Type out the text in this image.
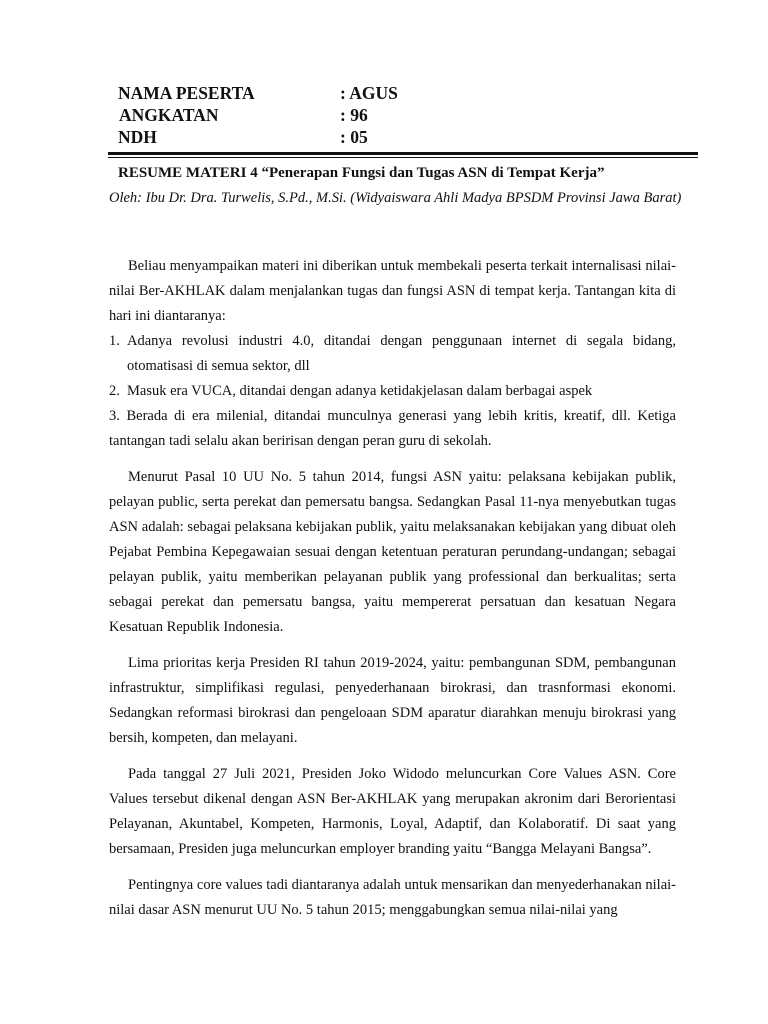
NAMA PESERTA	: AGUS
ANGKATAN	: 96
NDH	: 05
RESUME MATERI 4 “Penerapan Fungsi dan Tugas ASN di Tempat Kerja”
Oleh: Ibu Dr. Dra. Turwelis, S.Pd., M.Si. (Widyaiswara Ahli Madya BPSDM Provinsi Jawa Barat)

Beliau menyampaikan materi ini diberikan untuk membekali peserta terkait internalisasi nilai-nilai Ber-AKHLAK dalam menjalankan tugas dan fungsi ASN di tempat kerja. Tantangan kita di hari ini diantaranya:

1. Adanya revolusi industri 4.0, ditandai dengan penggunaan internet di segala bidang, otomatisasi di semua sektor, dll
2. Masuk era VUCA, ditandai dengan adanya ketidakjelasan dalam berbagai aspek
3. Berada di era milenial, ditandai munculnya generasi yang lebih kritis, kreatif, dll. Ketiga tantangan tadi selalu akan beririsan dengan peran guru di sekolah.

Menurut Pasal 10 UU No. 5 tahun 2014, fungsi ASN yaitu: pelaksana kebijakan publik, pelayan public, serta perekat dan pemersatu bangsa. Sedangkan Pasal 11-nya menyebutkan tugas ASN adalah: sebagai pelaksana kebijakan publik, yaitu melaksanakan kebijakan yang dibuat oleh Pejabat Pembina Kepegawaian sesuai dengan ketentuan peraturan perundang-undangan; sebagai pelayan publik, yaitu memberikan pelayanan publik yang professional dan berkualitas; serta sebagai perekat dan pemersatu bangsa, yaitu mempererat persatuan dan kesatuan Negara Kesatuan Republik Indonesia.

Lima prioritas kerja Presiden RI tahun 2019-2024, yaitu: pembangunan SDM, pembangunan infrastruktur, simplifikasi regulasi, penyederhanaan birokrasi, dan trasnformasi ekonomi. Sedangkan reformasi birokrasi dan pengeloaan SDM aparatur diarahkan menuju birokrasi yang bersih, kompeten, dan melayani.

Pada tanggal 27 Juli 2021, Presiden Joko Widodo meluncurkan Core Values ASN. Core Values tersebut dikenal dengan ASN Ber-AKHLAK yang merupakan akronim dari Berorientasi Pelayanan, Akuntabel, Kompeten, Harmonis, Loyal, Adaptif, dan Kolaboratif. Di saat yang bersamaan, Presiden juga meluncurkan employer branding yaitu “Bangga Melayani Bangsa”.

Pentingnya core values tadi diantaranya adalah untuk mensarikan dan menyederhanakan nilai-nilai dasar ASN menurut UU No. 5 tahun 2015; menggabungkan semua nilai-nilai yang
